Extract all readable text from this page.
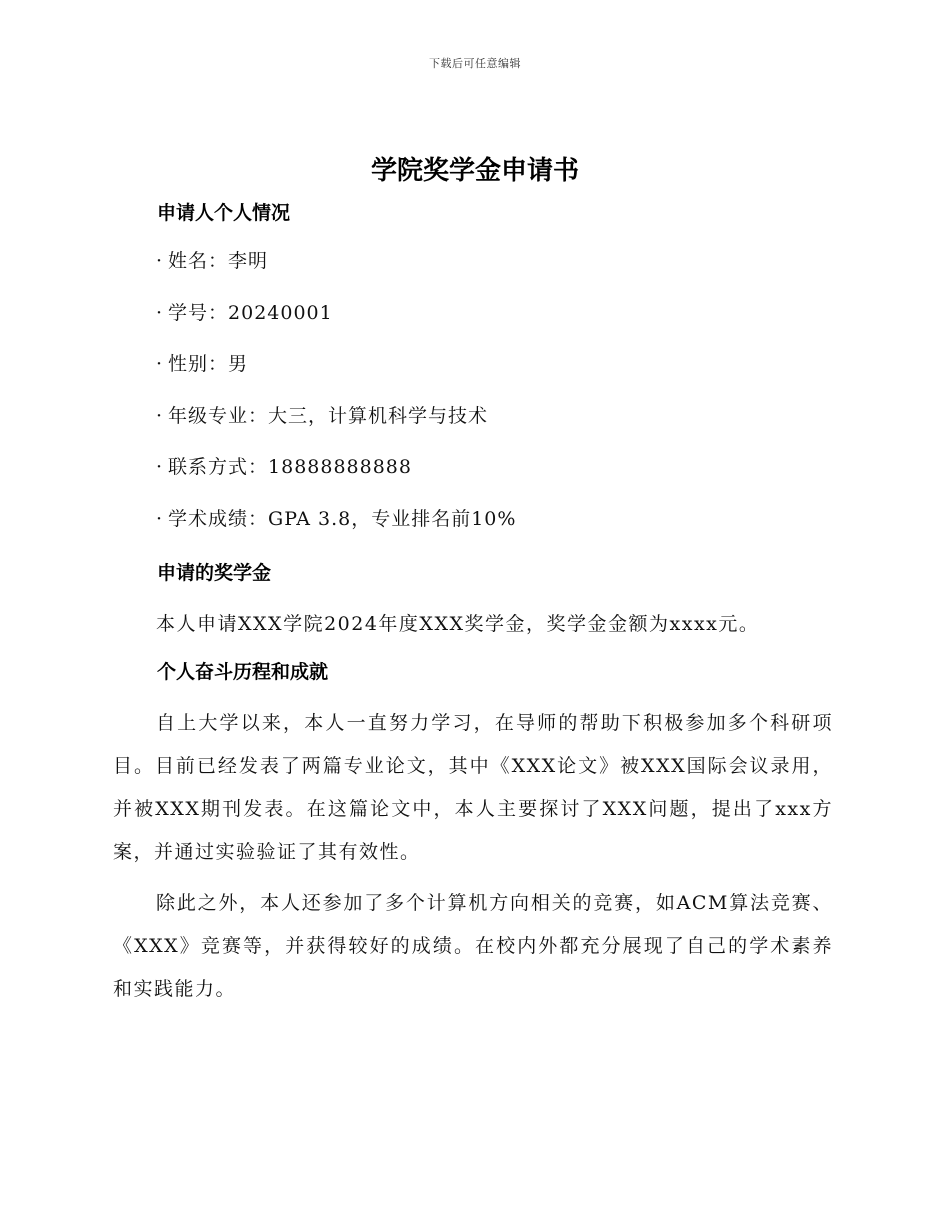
下载后可任意编辑
学院奖学金申请书
申请人个人情况
· 姓名：李明
· 学号：20240001
· 性别：男
· 年级专业：大三，计算机科学与技术
· 联系方式：18888888888
· 学术成绩：GPA 3.8，专业排名前10%
申请的奖学金

本人申请XXX学院2024年度XXX奖学金，奖学金金额为xxxx元。

个人奋斗历程和成就

自上大学以来，本人一直努力学习，在导师的帮助下积极参加多个科研项目。目前已经发表了两篇专业论文，其中《XXX论文》被XXX国际会议录用，并被XXX期刊发表。在这篇论文中，本人主要探讨了XXX问题，提出了xxx方案，并通过实验验证了其有效性。

除此之外，本人还参加了多个计算机方向相关的竞赛，如ACM算法竞赛、《XXX》竞赛等，并获得较好的成绩。在校内外都充分展现了自己的学术素养和实践能力。
